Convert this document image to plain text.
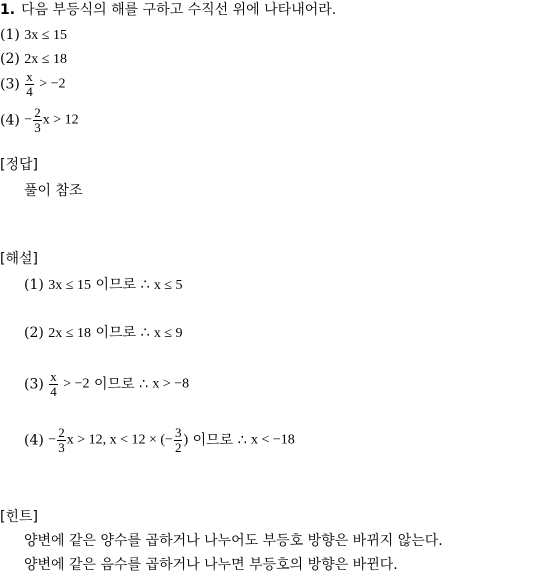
1. 다음 부등식의 해를 구하고 수직선 위에 나타내어라.
(1) 3x ≤ 15
(2) 2x ≤ 18
$(3) \frac{x}{4} > -2$
$(4) - \frac{2}{3}$ x > 12
[정답]
풀이 참조
[해설]
(1) 3x ≤ 15 이므로 ∴ x ≤ 5
(2) 2x ≤ 18 이므로 ∴ x ≤ 9
$(3) \frac{x}{4} > -2$ 이므로 ∴ x > −8
$(4) - \frac{2}{3}$ x > 12, x < 12 × (− $\frac{3}{2}$ ) 이므로 ∴ x < −18
[힌트]
양변에 같은 양수를 곱하거나 나누어도 부등호 방향은 바뀌지 않는다.
양변에 같은 음수를 곱하거나 나누면 부등호의 방향은 바뀐다.
